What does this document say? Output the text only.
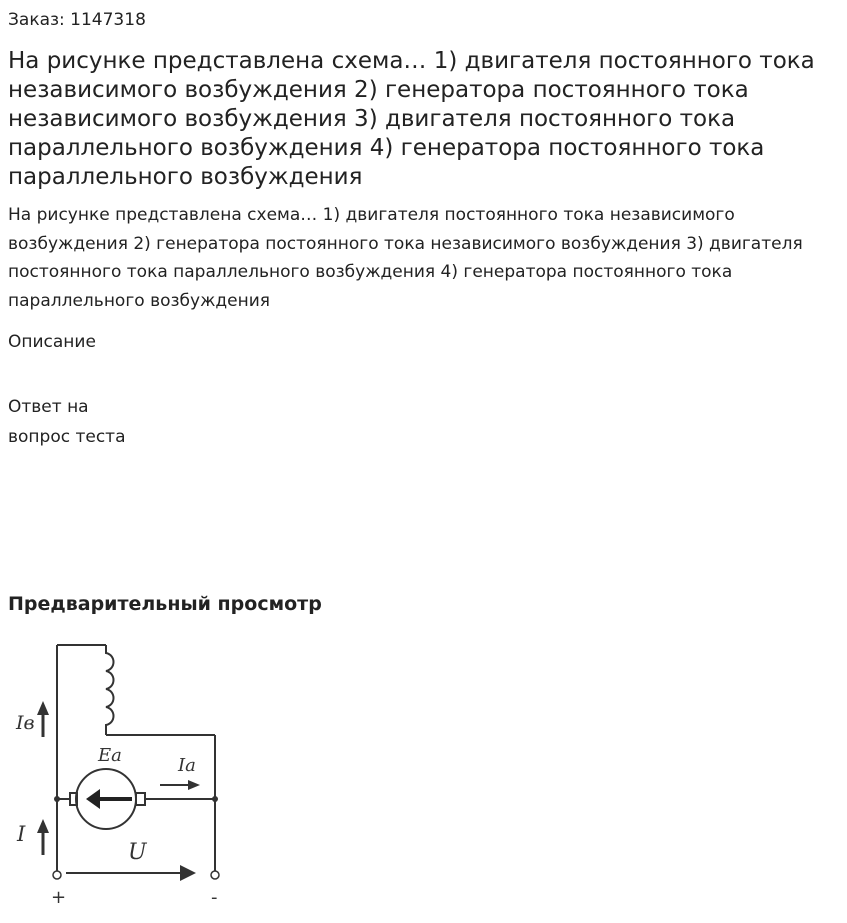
Заказ: 1147318
На рисунке представлена схема… 1) двигателя постоянного тока независимого возбуждения 2) генератора постоянного тока независимого возбуждения 3) двигателя постоянного тока параллельного возбуждения 4) генератора постоянного тока параллельного возбуждения
На рисунке представлена схема… 1) двигателя постоянного тока независимого возбуждения 2) генератора постоянного тока независимого возбуждения 3) двигателя постоянного тока параллельного возбуждения 4) генератора постоянного тока параллельного возбуждения
Описание
Ответ на
вопрос теста
Предварительный просмотр
Iв
Eа	Iа
I
U
+	-
